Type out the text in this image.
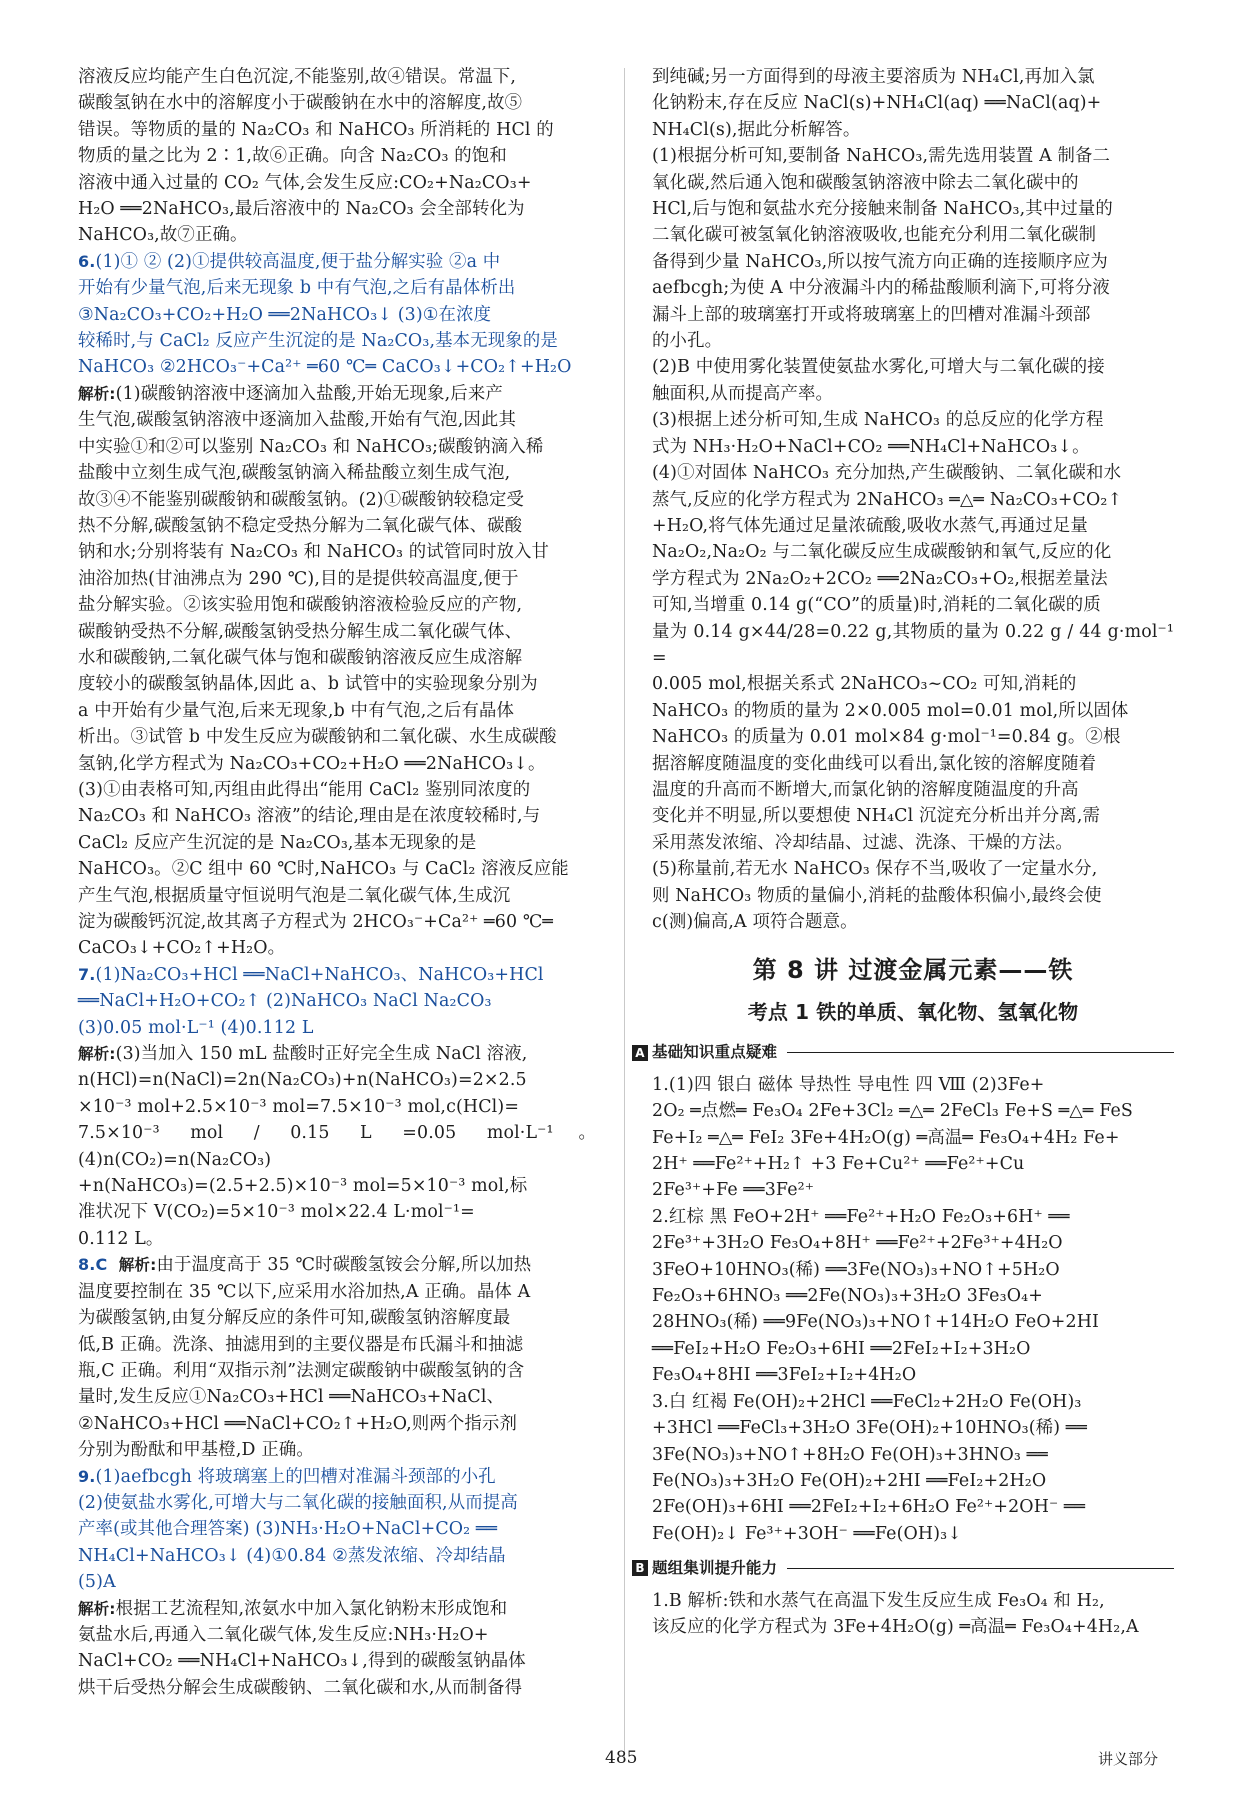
溶液反应均能产生白色沉淀,不能鉴别,故④错误。常温下,

碳酸氢钠在水中的溶解度小于碳酸钠在水中的溶解度,故⑤

错误。等物质的量的 Na₂CO₃ 和 NaHCO₃ 所消耗的 HCl 的

物质的量之比为 2∶1,故⑥正确。向含 Na₂CO₃ 的饱和

溶液中通入过量的 CO₂ 气体,会发生反应:CO₂+Na₂CO₃+

H₂O ══2NaHCO₃,最后溶液中的 Na₂CO₃ 会全部转化为

NaHCO₃,故⑦正确。

6.(1)① ② (2)①提供较高温度,便于盐分解实验 ②a 中

开始有少量气泡,后来无现象 b 中有气泡,之后有晶体析出

③Na₂CO₃+CO₂+H₂O ══2NaHCO₃↓ (3)①在浓度

较稀时,与 CaCl₂ 反应产生沉淀的是 Na₂CO₃,基本无现象的是

NaHCO₃ ②2HCO₃⁻+Ca²⁺ ═60 ℃═ CaCO₃↓+CO₂↑+H₂O

解析:(1)碳酸钠溶液中逐滴加入盐酸,开始无现象,后来产

生气泡,碳酸氢钠溶液中逐滴加入盐酸,开始有气泡,因此其

中实验①和②可以鉴别 Na₂CO₃ 和 NaHCO₃;碳酸钠滴入稀

盐酸中立刻生成气泡,碳酸氢钠滴入稀盐酸立刻生成气泡,

故③④不能鉴别碳酸钠和碳酸氢钠。(2)①碳酸钠较稳定受

热不分解,碳酸氢钠不稳定受热分解为二氧化碳气体、碳酸

钠和水;分别将装有 Na₂CO₃ 和 NaHCO₃ 的试管同时放入甘

油浴加热(甘油沸点为 290 ℃),目的是提供较高温度,便于

盐分解实验。②该实验用饱和碳酸钠溶液检验反应的产物,

碳酸钠受热不分解,碳酸氢钠受热分解生成二氧化碳气体、

水和碳酸钠,二氧化碳气体与饱和碳酸钠溶液反应生成溶解

度较小的碳酸氢钠晶体,因此 a、b 试管中的实验现象分别为

a 中开始有少量气泡,后来无现象,b 中有气泡,之后有晶体

析出。③试管 b 中发生反应为碳酸钠和二氧化碳、水生成碳酸

氢钠,化学方程式为 Na₂CO₃+CO₂+H₂O ══2NaHCO₃↓。

(3)①由表格可知,丙组由此得出“能用 CaCl₂ 鉴别同浓度的

Na₂CO₃ 和 NaHCO₃ 溶液”的结论,理由是在浓度较稀时,与

CaCl₂ 反应产生沉淀的是 Na₂CO₃,基本无现象的是

NaHCO₃。②C 组中 60 ℃时,NaHCO₃ 与 CaCl₂ 溶液反应能

产生气泡,根据质量守恒说明气泡是二氧化碳气体,生成沉

淀为碳酸钙沉淀,故其离子方程式为 2HCO₃⁻+Ca²⁺ ═60 ℃═

CaCO₃↓+CO₂↑+H₂O。

7.(1)Na₂CO₃+HCl ══NaCl+NaHCO₃、NaHCO₃+HCl

══NaCl+H₂O+CO₂↑ (2)NaHCO₃ NaCl Na₂CO₃

(3)0.05 mol·L⁻¹ (4)0.112 L

解析:(3)当加入 150 mL 盐酸时正好完全生成 NaCl 溶液,

n(HCl)=n(NaCl)=2n(Na₂CO₃)+n(NaHCO₃)=2×2.5

×10⁻³ mol+2.5×10⁻³ mol=7.5×10⁻³ mol,c(HCl)=

7.5×10⁻³ mol / 0.15 L =0.05 mol·L⁻¹。(4)n(CO₂)=n(Na₂CO₃)

+n(NaHCO₃)=(2.5+2.5)×10⁻³ mol=5×10⁻³ mol,标

准状况下 V(CO₂)=5×10⁻³ mol×22.4 L·mol⁻¹=

0.112 L。

8.C 解析:由于温度高于 35 ℃时碳酸氢铵会分解,所以加热

温度要控制在 35 ℃以下,应采用水浴加热,A 正确。晶体 A

为碳酸氢钠,由复分解反应的条件可知,碳酸氢钠溶解度最

低,B 正确。洗涤、抽滤用到的主要仪器是布氏漏斗和抽滤

瓶,C 正确。利用“双指示剂”法测定碳酸钠中碳酸氢钠的含

量时,发生反应①Na₂CO₃+HCl ══NaHCO₃+NaCl、

②NaHCO₃+HCl ══NaCl+CO₂↑+H₂O,则两个指示剂

分别为酚酞和甲基橙,D 正确。

9.(1)aefbcgh 将玻璃塞上的凹槽对准漏斗颈部的小孔

(2)使氨盐水雾化,可增大与二氧化碳的接触面积,从而提高

产率(或其他合理答案) (3)NH₃·H₂O+NaCl+CO₂ ══

NH₄Cl+NaHCO₃↓ (4)①0.84 ②蒸发浓缩、冷却结晶

(5)A

解析:根据工艺流程知,浓氨水中加入氯化钠粉末形成饱和

氨盐水后,再通入二氧化碳气体,发生反应:NH₃·H₂O+

NaCl+CO₂ ══NH₄Cl+NaHCO₃↓,得到的碳酸氢钠晶体

烘干后受热分解会生成碳酸钠、二氧化碳和水,从而制备得

到纯碱;另一方面得到的母液主要溶质为 NH₄Cl,再加入氯

化钠粉末,存在反应 NaCl(s)+NH₄Cl(aq) ══NaCl(aq)+

NH₄Cl(s),据此分析解答。

(1)根据分析可知,要制备 NaHCO₃,需先选用装置 A 制备二

氧化碳,然后通入饱和碳酸氢钠溶液中除去二氧化碳中的

HCl,后与饱和氨盐水充分接触来制备 NaHCO₃,其中过量的

二氧化碳可被氢氧化钠溶液吸收,也能充分利用二氧化碳制

备得到少量 NaHCO₃,所以按气流方向正确的连接顺序应为

aefbcgh;为使 A 中分液漏斗内的稀盐酸顺利滴下,可将分液

漏斗上部的玻璃塞打开或将玻璃塞上的凹槽对准漏斗颈部

的小孔。

(2)B 中使用雾化装置使氨盐水雾化,可增大与二氧化碳的接

触面积,从而提高产率。

(3)根据上述分析可知,生成 NaHCO₃ 的总反应的化学方程

式为 NH₃·H₂O+NaCl+CO₂ ══NH₄Cl+NaHCO₃↓。

(4)①对固体 NaHCO₃ 充分加热,产生碳酸钠、二氧化碳和水

蒸气,反应的化学方程式为 2NaHCO₃ ═△═ Na₂CO₃+CO₂↑

+H₂O,将气体先通过足量浓硫酸,吸收水蒸气,再通过足量

Na₂O₂,Na₂O₂ 与二氧化碳反应生成碳酸钠和氧气,反应的化

学方程式为 2Na₂O₂+2CO₂ ══2Na₂CO₃+O₂,根据差量法

可知,当增重 0.14 g(“CO”的质量)时,消耗的二氧化碳的质

量为 0.14 g×44/28=0.22 g,其物质的量为 0.22 g / 44 g·mol⁻¹ =

0.005 mol,根据关系式 2NaHCO₃~CO₂ 可知,消耗的

NaHCO₃ 的物质的量为 2×0.005 mol=0.01 mol,所以固体

NaHCO₃ 的质量为 0.01 mol×84 g·mol⁻¹=0.84 g。②根

据溶解度随温度的变化曲线可以看出,氯化铵的溶解度随着

温度的升高而不断增大,而氯化钠的溶解度随温度的升高

变化并不明显,所以要想使 NH₄Cl 沉淀充分析出并分离,需

采用蒸发浓缩、冷却结晶、过滤、洗涤、干燥的方法。

(5)称量前,若无水 NaHCO₃ 保存不当,吸收了一定量水分,

则 NaHCO₃ 物质的量偏小,消耗的盐酸体积偏小,最终会使

c(测)偏高,A 项符合题意。

第 8 讲 过渡金属元素——铁
考点 1 铁的单质、氧化物、氢氧化物
A 基础知识重点疑难

1.(1)四 银白 磁体 导热性 导电性 四 Ⅷ (2)3Fe+

2O₂ ═点燃═ Fe₃O₄ 2Fe+3Cl₂ ═△═ 2FeCl₃ Fe+S ═△═ FeS

Fe+I₂ ═△═ FeI₂ 3Fe+4H₂O(g) ═高温═ Fe₃O₄+4H₂ Fe+

2H⁺ ══Fe²⁺+H₂↑ +3 Fe+Cu²⁺ ══Fe²⁺+Cu

2Fe³⁺+Fe ══3Fe²⁺

2.红棕 黑 FeO+2H⁺ ══Fe²⁺+H₂O Fe₂O₃+6H⁺ ══

2Fe³⁺+3H₂O Fe₃O₄+8H⁺ ══Fe²⁺+2Fe³⁺+4H₂O

3FeO+10HNO₃(稀) ══3Fe(NO₃)₃+NO↑+5H₂O

Fe₂O₃+6HNO₃ ══2Fe(NO₃)₃+3H₂O 3Fe₃O₄+

28HNO₃(稀) ══9Fe(NO₃)₃+NO↑+14H₂O FeO+2HI

══FeI₂+H₂O Fe₂O₃+6HI ══2FeI₂+I₂+3H₂O

Fe₃O₄+8HI ══3FeI₂+I₂+4H₂O

3.白 红褐 Fe(OH)₂+2HCl ══FeCl₂+2H₂O Fe(OH)₃

+3HCl ══FeCl₃+3H₂O 3Fe(OH)₂+10HNO₃(稀) ══

3Fe(NO₃)₃+NO↑+8H₂O Fe(OH)₃+3HNO₃ ══

Fe(NO₃)₃+3H₂O Fe(OH)₂+2HI ══FeI₂+2H₂O

2Fe(OH)₃+6HI ══2FeI₂+I₂+6H₂O Fe²⁺+2OH⁻ ══

Fe(OH)₂↓ Fe³⁺+3OH⁻ ══Fe(OH)₃↓

B 题组集训提升能力

1.B 解析:铁和水蒸气在高温下发生反应生成 Fe₃O₄ 和 H₂,

该反应的化学方程式为 3Fe+4H₂O(g) ═高温═ Fe₃O₄+4H₂,A

485	讲义部分
